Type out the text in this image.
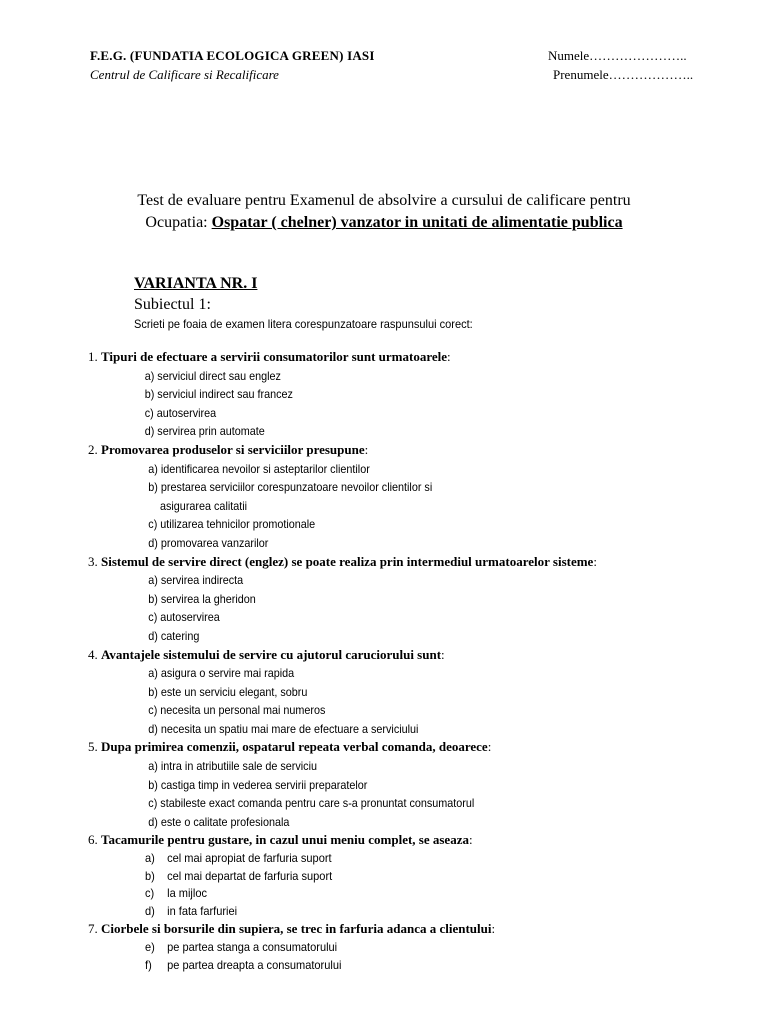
F.E.G. (FUNDATIA ECOLOGICA GREEN) IASI
Centrul de Calificare si Recalificare
Numele…………………..
Prenumele………………..
Test de evaluare pentru Examenul de absolvire a cursului de calificare pentru
Ocupatia: Ospatar ( chelner) vanzator in unitati de alimentatie publica
VARIANTA NR. I
Subiectul 1:
Scrieti pe foaia de examen litera corespunzatoare raspunsului corect:
1. Tipuri de efectuare a servirii consumatorilor sunt urmatoarele:
a) serviciul direct sau englez
b) serviciul indirect sau francez
c) autoservirea
d) servirea prin automate
2. Promovarea produselor si serviciilor presupune:
a) identificarea nevoilor si asteptarilor clientilor
b) prestarea serviciilor corespunzatoare nevoilor clientilor si
asigurarea calitatii
c) utilizarea tehnicilor promotionale
d) promovarea vanzarilor
3. Sistemul de servire direct (englez) se poate realiza prin intermediul urmatoarelor sisteme:
a) servirea indirecta
b) servirea la gheridon
c) autoservirea
d) catering
4. Avantajele sistemului de servire cu ajutorul caruciorului sunt:
a) asigura o servire mai rapida
b) este un serviciu elegant, sobru
c) necesita un personal mai numeros
d) necesita un spatiu mai mare de efectuare a serviciului
5. Dupa primirea comenzii, ospatarul repeata verbal comanda, deoarece:
a) intra in atributiile sale de serviciu
b) castiga timp in vederea servirii preparatelor
c) stabileste exact comanda pentru care s-a pronuntat consumatorul
d) este o calitate profesionala
6. Tacamurile pentru gustare, in cazul unui meniu complet, se aseaza:
a) cel mai apropiat de farfuria suport
b) cel mai departat de farfuria suport
c) la mijloc
d) in fata farfuriei
7. Ciorbele si borsurile din supiera, se trec in farfuria adanca a clientului:
e) pe partea stanga a consumatorului
f) pe partea dreapta a consumatorului
